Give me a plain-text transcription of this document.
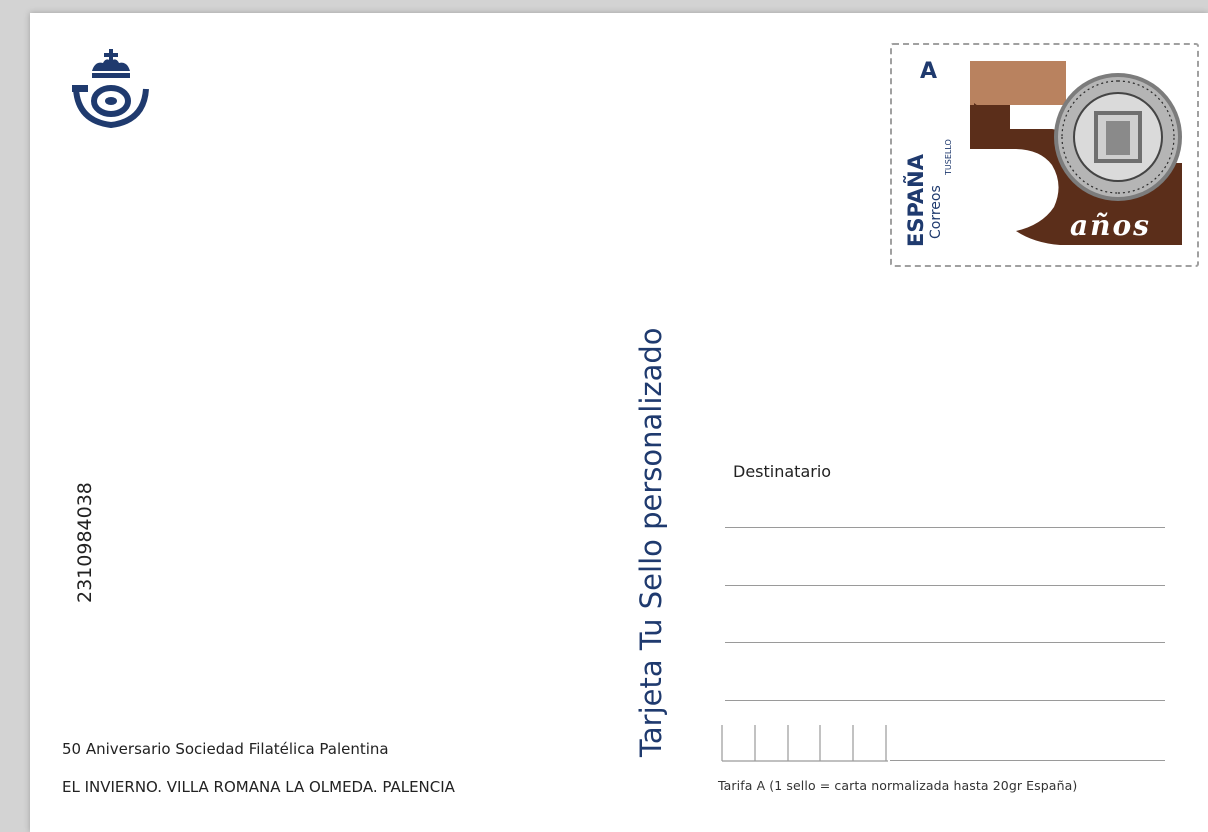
A
ESPAÑA Correos
TUSELLO
años
Tarjeta Tu Sello personalizado
2310984038
50 Aniversario Sociedad Filatélica Palentina
EL INVIERNO. VILLA ROMANA LA OLMEDA. PALENCIA
Destinatario
Tarifa A (1 sello = carta normalizada hasta 20gr España)
